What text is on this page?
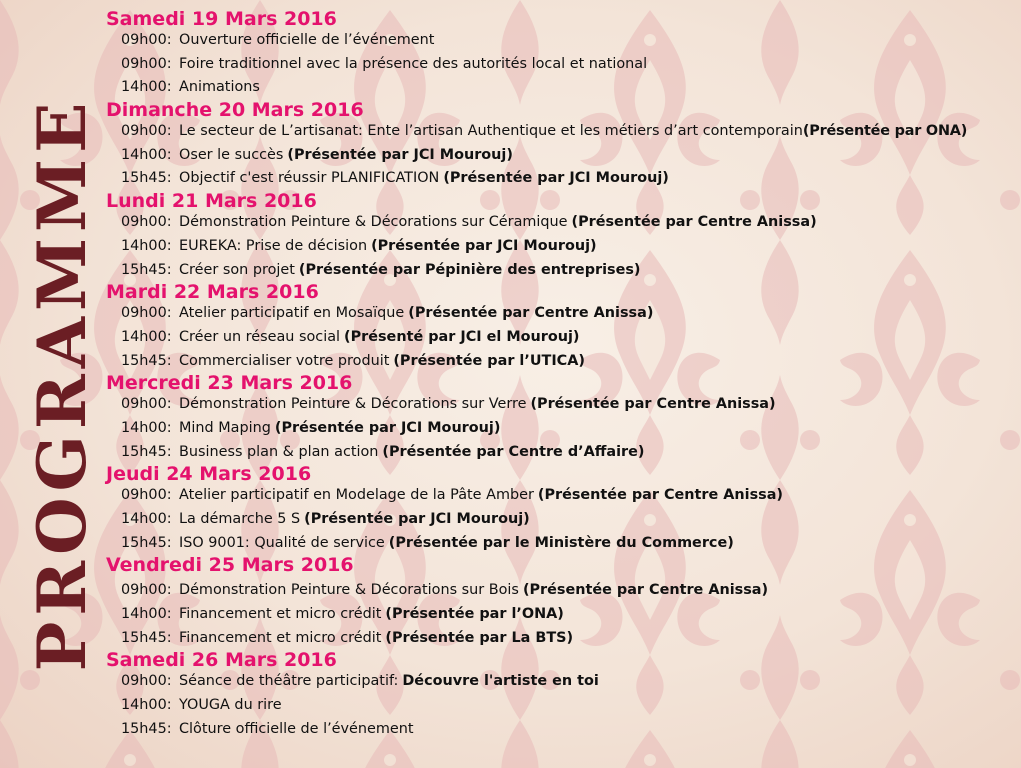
PROGRAMME
Samedi 19 Mars 2016
09h00: Ouverture officielle de l’événement
09h00: Foire traditionnel avec la présence des autorités local et national
14h00: Animations
Dimanche 20 Mars 2016
09h00: Le secteur de L’artisanat: Ente l’artisan Authentique et les métiers d’art contemporain(Présentée par ONA)
14h00: Oser le succès (Présentée par JCI Mourouj)
15h45: Objectif c'est réussir PLANIFICATION (Présentée par JCI Mourouj)
Lundi 21 Mars 2016
09h00: Démonstration Peinture & Décorations sur Céramique (Présentée par Centre Anissa)
14h00: EUREKA: Prise de décision (Présentée par JCI Mourouj)
15h45: Créer son projet (Présentée par Pépinière des entreprises)
Mardi 22 Mars 2016
09h00: Atelier participatif en Mosaïque (Présentée par Centre Anissa)
14h00: Créer un réseau social (Présenté par JCI el Mourouj)
15h45: Commercialiser votre produit (Présentée par l’UTICA)
Mercredi 23 Mars 2016
09h00: Démonstration Peinture & Décorations sur Verre (Présentée par Centre Anissa)
14h00: Mind Maping (Présentée par JCI Mourouj)
15h45: Business plan & plan action (Présentée par Centre d’Affaire)
Jeudi 24 Mars 2016
09h00: Atelier participatif en Modelage de la Pâte Amber (Présentée par Centre Anissa)
14h00: La démarche 5 S (Présentée par JCI Mourouj)
15h45: ISO 9001: Qualité de service (Présentée par le Ministère du Commerce)
Vendredi 25 Mars 2016
09h00: Démonstration Peinture & Décorations sur Bois (Présentée par Centre Anissa)
14h00: Financement et micro crédit (Présentée par l’ONA)
15h45: Financement et micro crédit (Présentée par La BTS)
Samedi 26 Mars 2016
09h00: Séance de théâtre participatif: Découvre l'artiste en toi
14h00: YOUGA du rire
15h45: Clôture officielle de l’événement
